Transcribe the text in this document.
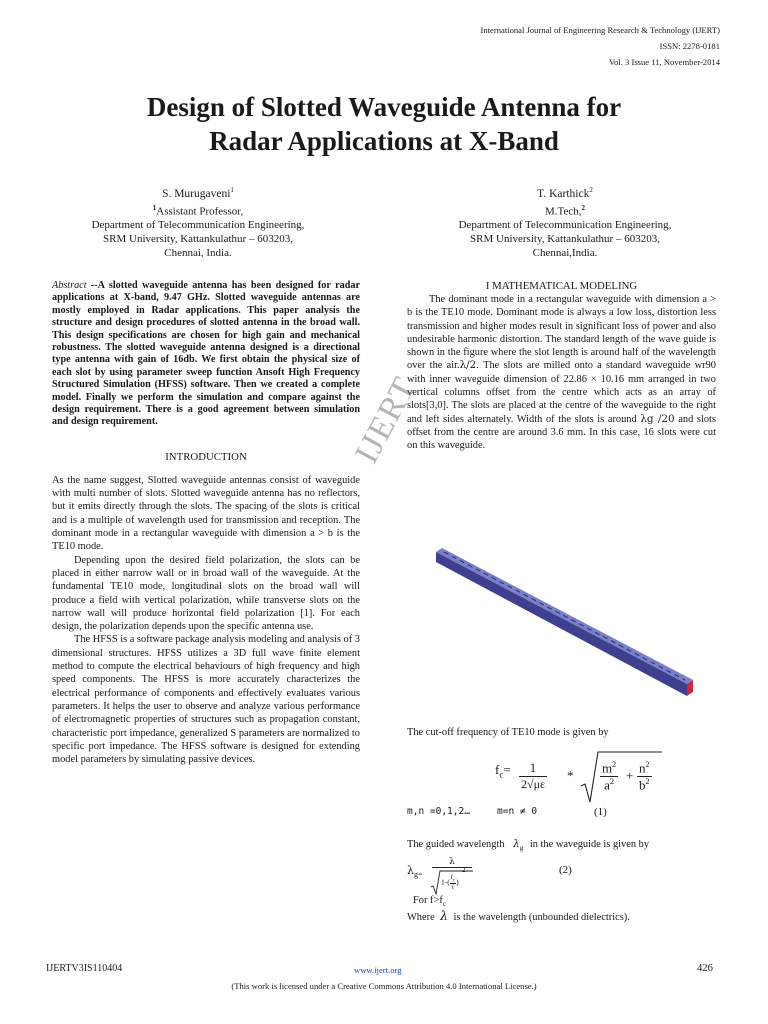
International Journal of Engineering Research & Technology (IJERT)
ISSN: 2278-0181
Vol. 3 Issue 11, November-2014
Design of Slotted Waveguide Antenna for
Radar Applications at X-Band
S. Murugaveni$^1$
$^1$Assistant Professor,
Department of Telecommunication Engineering,
SRM University, Kattankulathur – 603203,
Chennai, India.
T. Karthick$^2$
M.Tech,$^2$
Department of Telecommunication Engineering,
SRM University, Kattankulathur – 603203,
Chennai,India.

Abstract --A slotted waveguide antenna has been designed for radar applications at X-band, 9.47 GHz. Slotted waveguide antennas are mostly employed in Radar applications. This paper analysis the structure and design procedures of slotted antenna in the broad wall. This design specifications are chosen for high gain and mechanical robustness. The slotted waveguide antenna designed is a directional type antenna with gain of 16db. We first obtain the physical size of each slot by using parameter sweep function Ansoft High Frequency Structured Simulation (HFSS) software. Then we created a complete model. Finally we perform the simulation and compare against the design requirement. There is a good agreement between simulation and design requirement.

INTRODUCTION

As the name suggest, Slotted waveguide antennas consist of waveguide with multi number of slots. Slotted waveguide antenna has no reflectors, but it emits directly through the slots. The spacing of the slots is critical and is a multiple of wavelength used for transmission and reception. The dominant mode in a rectangular waveguide with dimension a > b is the TE10 mode.

Depending upon the desired field polarization, the slots can be placed in either narrow wall or in broad wall of the waveguide. At the fundamental TE10 mode, longitudinal slots on the broad wall will produce a field with vertical polarization, while transverse slots on the narrow wall will produce horizontal field polarization [1]. For each design, the polarization depends upon the specific antenna use.

The HFSS is a software package analysis modeling and analysis of 3 dimensional structures. HFSS utilizes a 3D full wave finite element method to compute the electrical behaviours of high frequency and high speed components. The HFSS is more accurately characterizes the electrical performance of components and effectively evaluates various parameters. It helps the user to observe and analyze various performance of electromagnetic properties of structures such as propagation constant, characteristic port impedance, generalized S parameters are normalized to specific port impedance. The HFSS software is designed for extending model parameters by simulating passive devices.

I MATHEMATICAL MODELING

The dominant mode in a rectangular waveguide with dimension a > b is the TE10 mode. Dominant mode is always a low loss, distortion less transmission and higher modes result in significant loss of power and also undesirable harmonic distortion. The standard length of the wave guide is shown in the figure where the slot length is around half of the wavelength over the air.λ/2. The slots are milled onto a standard waveguide wr90 with inner waveguide dimension of 22.86 × 10.16 mm arranged in two vertical columns offset from the centre which acts as an array of slots[3,0]. The slots are placed at the centre of the waveguide to the right and left sides alternately. Width of the slots is around λg /20 and slots offset from the centre are around 3.6 mm. In this case, 16 slots were cut on this waveguide.

The cut-off frequency of TE10 mode is given by
$f_c= \frac{1}{2√\mu\varepsilon} * \frac{m^2}{a^2} + \frac{n^2}{b^2}$
m,n =0,1,2…	m=n ≠ 0	(1)
The guided wavelength $\lambda_g$ in the waveguide is given by
$\lambda_{g=}$
λ
$1-( \frac{f_c}{f}$ )
2	(2)
For $f>f_c$
Where λ is the wavelength (unbounded dielectrics).
IJERT
IJERTV3IS110404	www.ijert.org	426
(This work is licensed under a Creative Commons Attribution 4.0 International License.)
